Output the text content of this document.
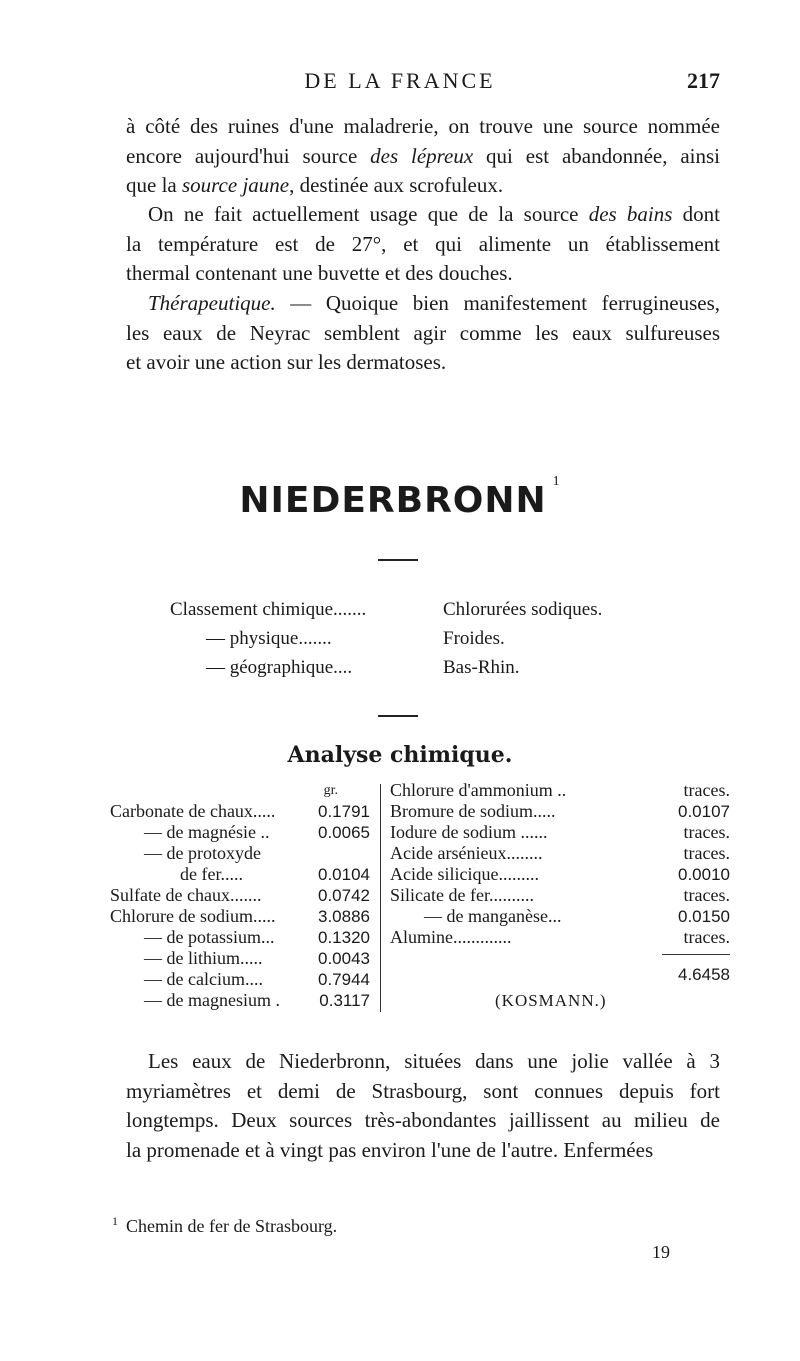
DE LA FRANCE	217
à côté des ruines d'une maladrerie, on trouve une source nommée
encore aujourd'hui source des lépreux qui est abandonnée, ainsi
que la source jaune, destinée aux scrofuleux.
On ne fait actuellement usage que de la source des bains dont
la température est de 27°, et qui alimente un établissement
thermal contenant une buvette et des douches.
Thérapeutique. — Quoique bien manifestement ferrugineuses,
les eaux de Neyrac semblent agir comme les eaux sulfureuses
et avoir une action sur les dermatoses.
NIEDERBRONN $^1$
Classement chimique.......	Chlorurées sodiques.
— physique.......	Froides.
— géographique....	Bas-Rhin.
Analyse chimique.
gr.
Carbonate de chaux.....	0.1791
— de magnésie ..	0.0065
— de protoxyde
de fer.....	0.0104
Sulfate de chaux.......	0.0742
Chlorure de sodium.....	3.0886
— de potassium...	0.1320
— de lithium.....	0.0043
— de calcium....	0.7944
— de magnesium . 0.3117
Chlorure d'ammonium ..	traces.
Bromure de sodium.....	0.0107
Iodure de sodium ......	traces.
Acide arsénieux........	traces.
Acide silicique.........	0.0010
Silicate de fer..........	traces.
— de manganèse...	0.0150
Alumine.............	traces.
4.6458
(KOSMANN.)
Les eaux de Niederbronn, situées dans une jolie vallée à 3
myriamètres et demi de Strasbourg, sont connues depuis fort
longtemps. Deux sources très-abondantes jaillissent au milieu de
la promenade et à vingt pas environ l'une de l'autre. Enfermées
$^1$ Chemin de fer de Strasbourg.
19
